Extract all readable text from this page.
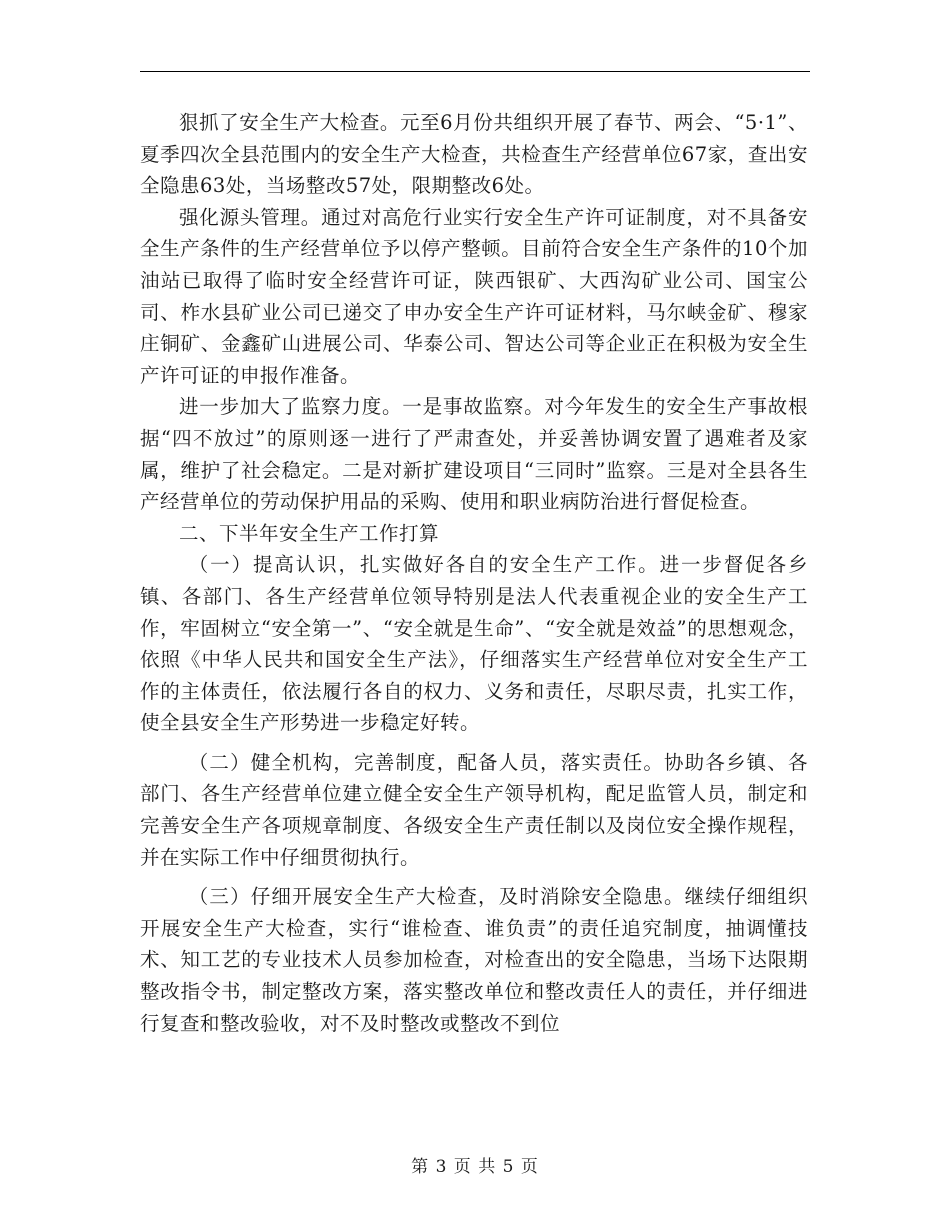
狠抓了安全生产大检查。元至6月份共组织开展了春节、两会、“5·1”、夏季四次全县范围内的安全生产大检查，共检查生产经营单位67家，查出安全隐患63处，当场整改57处，限期整改6处。

强化源头管理。通过对高危行业实行安全生产许可证制度，对不具备安全生产条件的生产经营单位予以停产整顿。目前符合安全生产条件的10个加油站已取得了临时安全经营许可证，陕西银矿、大西沟矿业公司、国宝公司、柞水县矿业公司已递交了申办安全生产许可证材料，马尔峡金矿、穆家庄铜矿、金鑫矿山进展公司、华泰公司、智达公司等企业正在积极为安全生产许可证的申报作准备。

进一步加大了监察力度。一是事故监察。对今年发生的安全生产事故根据“四不放过”的原则逐一进行了严肃查处，并妥善协调安置了遇难者及家属，维护了社会稳定。二是对新扩建设项目“三同时”监察。三是对全县各生产经营单位的劳动保护用品的采购、使用和职业病防治进行督促检查。

二、下半年安全生产工作打算

（一）提高认识，扎实做好各自的安全生产工作。进一步督促各乡镇、各部门、各生产经营单位领导特别是法人代表重视企业的安全生产工作，牢固树立“安全第一”、“安全就是生命”、“安全就是效益”的思想观念，依照《中华人民共和国安全生产法》，仔细落实生产经营单位对安全生产工作的主体责任，依法履行各自的权力、义务和责任，尽职尽责，扎实工作，使全县安全生产形势进一步稳定好转。

（二）健全机构，完善制度，配备人员，落实责任。协助各乡镇、各部门、各生产经营单位建立健全安全生产领导机构，配足监管人员，制定和完善安全生产各项规章制度、各级安全生产责任制以及岗位安全操作规程，并在实际工作中仔细贯彻执行。

（三）仔细开展安全生产大检查，及时消除安全隐患。继续仔细组织开展安全生产大检查，实行“谁检查、谁负责”的责任追究制度，抽调懂技术、知工艺的专业技术人员参加检查，对检查出的安全隐患，当场下达限期整改指令书，制定整改方案，落实整改单位和整改责任人的责任，并仔细进行复查和整改验收，对不及时整改或整改不到位

第 3 页 共 5 页
